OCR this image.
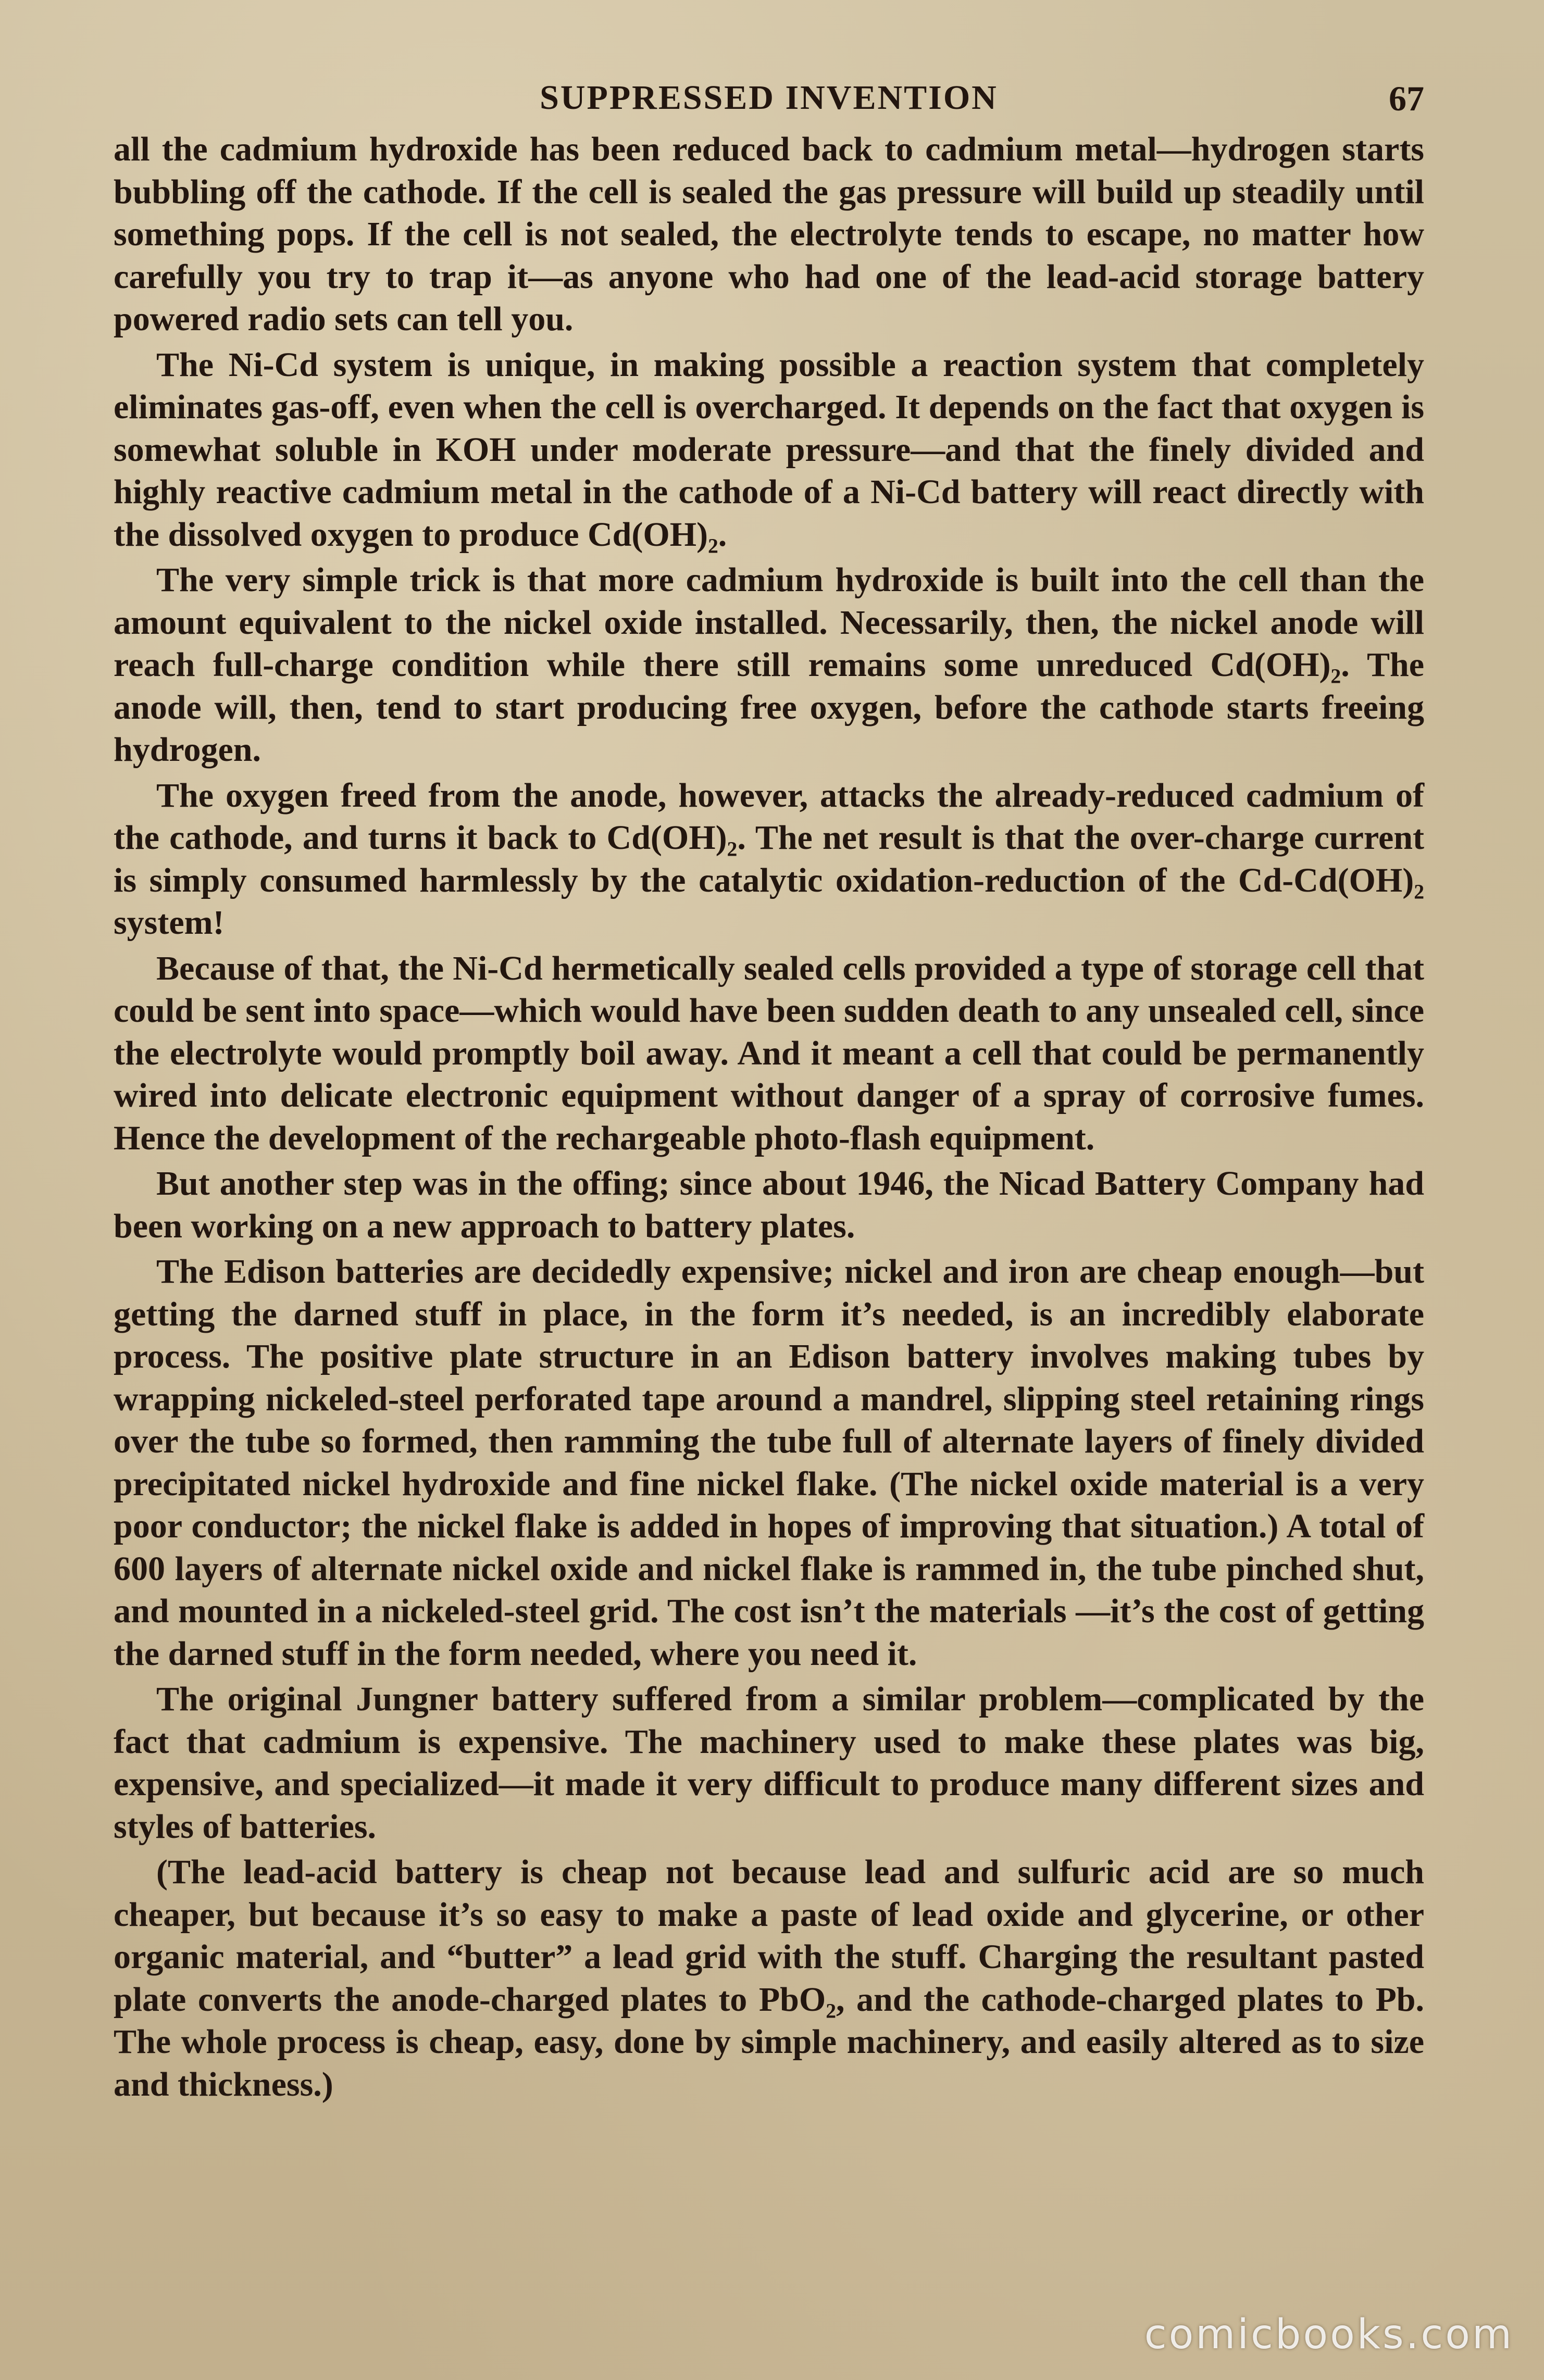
SUPPRESSED INVENTION	67

all the cadmium hydroxide has been reduced back to cadmium metal—hydrogen starts bubbling off the cathode. If the cell is sealed the gas pressure will build up steadily until something pops. If the cell is not sealed, the electrolyte tends to escape, no matter how carefully you try to trap it—as anyone who had one of the lead-acid storage battery powered radio sets can tell you.

The Ni-Cd system is unique, in making possible a reaction system that completely eliminates gas-off, even when the cell is overcharged. It depends on the fact that oxygen is somewhat soluble in KOH under moderate pressure—and that the finely divided and highly reactive cadmium metal in the cathode of a Ni-Cd battery will react directly with the dissolved oxygen to produce Cd(OH)₂.

The very simple trick is that more cadmium hydroxide is built into the cell than the amount equivalent to the nickel oxide installed. Necessarily, then, the nickel anode will reach full-charge condition while there still remains some unreduced Cd(OH)₂. The anode will, then, tend to start producing free oxygen, before the cathode starts freeing hydrogen.

The oxygen freed from the anode, however, attacks the already-reduced cadmium of the cathode, and turns it back to Cd(OH)₂. The net result is that the over-charge current is simply consumed harmlessly by the catalytic oxidation-reduction of the Cd-Cd(OH)₂ system!

Because of that, the Ni-Cd hermetically sealed cells provided a type of storage cell that could be sent into space—which would have been sudden death to any unsealed cell, since the electrolyte would promptly boil away. And it meant a cell that could be permanently wired into delicate electronic equipment without danger of a spray of corrosive fumes. Hence the development of the rechargeable photo-flash equipment.

But another step was in the offing; since about 1946, the Nicad Battery Company had been working on a new approach to battery plates.

The Edison batteries are decidedly expensive; nickel and iron are cheap enough—but getting the darned stuff in place, in the form it’s needed, is an incredibly elaborate process. The positive plate structure in an Edison battery involves making tubes by wrapping nickeled-steel perforated tape around a mandrel, slipping steel retaining rings over the tube so formed, then ramming the tube full of alternate layers of finely divided precipitated nickel hydroxide and fine nickel flake. (The nickel oxide material is a very poor conductor; the nickel flake is added in hopes of improving that situation.) A total of 600 layers of alternate nickel oxide and nickel flake is rammed in, the tube pinched shut, and mounted in a nickeled-steel grid. The cost isn’t the materials —it’s the cost of getting the darned stuff in the form needed, where you need it.

The original Jungner battery suffered from a similar problem—complicated by the fact that cadmium is expensive. The machinery used to make these plates was big, expensive, and specialized—it made it very difficult to produce many different sizes and styles of batteries.

(The lead-acid battery is cheap not because lead and sulfuric acid are so much cheaper, but because it’s so easy to make a paste of lead oxide and glycerine, or other organic material, and “butter” a lead grid with the stuff. Charging the resultant pasted plate converts the anode-charged plates to PbO₂, and the cathode-charged plates to Pb. The whole process is cheap, easy, done by simple machinery, and easily altered as to size and thickness.)

comicbooks.com
